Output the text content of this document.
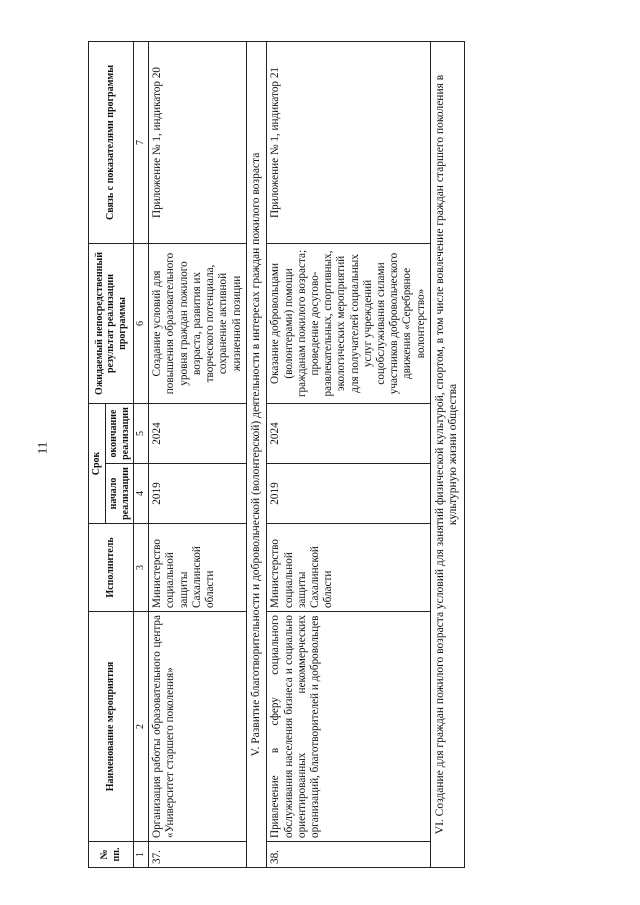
11
№ пп.	Наименование мероприятия	Исполнитель	Срок		Ожидаемый непосредственный результат реализации программы	Связь с показателями программы
			начало реализации	окончание реализации		
1	2	3	4	5	6	7
37.	Организация работы образовательного центра «Университет старшего поколения»	Министерство социальной защиты Сахалинской области	2019	2024	Создание условий для повышения образовательного уровня граждан пожилого возраста, развития их творческого потенциала, сохранение активной жизненной позиции	Приложение № 1, индикатор 20
V. Развитие благотворительности и добровольческой (волонтерской) деятельности в интересах граждан пожилого возраста						
38.	Привлечение в сферу социального обслуживания населения бизнеса и социально ориентированных некоммерческих организаций, благотворителей и добровольцев	Министерство социальной защиты Сахалинской области	2019	2024	Оказание добровольцами (волонтерами) помощи гражданам пожилого возраста; проведение досугово-развлекательных, спортивных, экологических мероприятий для получателей социальных услуг учреждений соцобслуживания силами участников добровольческого движения «Серебряное волонтерство»	Приложение № 1, индикатор 21
VI. Создание для граждан пожилого возраста условий для занятий физической культурой, спортом, в том числе вовлечение граждан старшего поколения в культурную жизни общества						
